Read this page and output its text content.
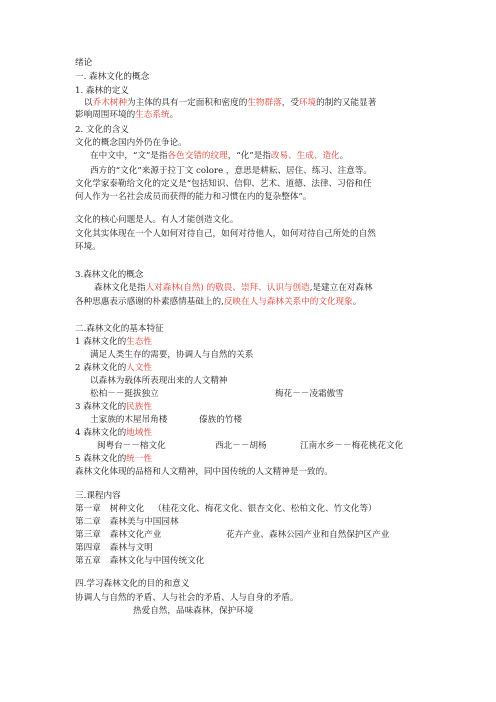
绪论
一. 森林文化的概念
1. 森林的定义
以乔木树种为主体的具有一定面积和密度的生物群落，受环境的制约又能显著
影响周围环境的生态系统。
2. 文化的含义
文化的概念国内外仍在争论。
在中文中，“文”是指各色交错的纹理，“化”是指改易、生成、造化。
西方的“文化”来源于拉丁文 colore ，意思是耕耘、居住、练习、注意等。
文化学家泰勒给文化的定义是“包括知识、信仰、艺术、道德、法律、习俗和任
何人作为一名社会成员而获得的能力和习惯在内的复杂整体”。
文化的核心问题是人。有人才能创造文化。
文化其实体现在一个人如何对待自己，如何对待他人，如何对待自己所处的自然
环境。
3.森林文化的概念
森林文化是指人对森林(自然) 的敬畏、崇拜、认识与创造,是建立在对森林
各种思惠表示感谢的朴素感情基础上的,反映在人与森林关系中的文化现象。
二.森林文化的基本特征
1 森林文化的生态性
满足人类生存的需要，协调人与自然的关系
2 森林文化的人文性
以森林为载体所表现出来的人文精神
松柏－－挺拔独立	梅花－－凌霜傲雪
3 森林文化的民族性
土家族的木屋吊角楼	傣族的竹楼
4 森林文化的地域性
闽粤台－－榕文化	西北－－胡杨	江南水乡－－梅花桃花文化
5 森林文化的统一性
森林文化体现的品格和人文精神，同中国传统的人文精神是一致的。
三.课程内容
第一章 树种文化 （桂花文化、梅花文化、银杏文化、松柏文化、竹文化等）
第二章 森林美与中国园林
第三章 森林文化产业	花卉产业、森林公园产业和自然保护区产业
第四章 森林与文明
第五章 森林文化与中国传统文化
四.学习森林文化的目的和意义
协调人与自然的矛盾、人与社会的矛盾、人与自身的矛盾。
热爱自然，品味森林，保护环境
